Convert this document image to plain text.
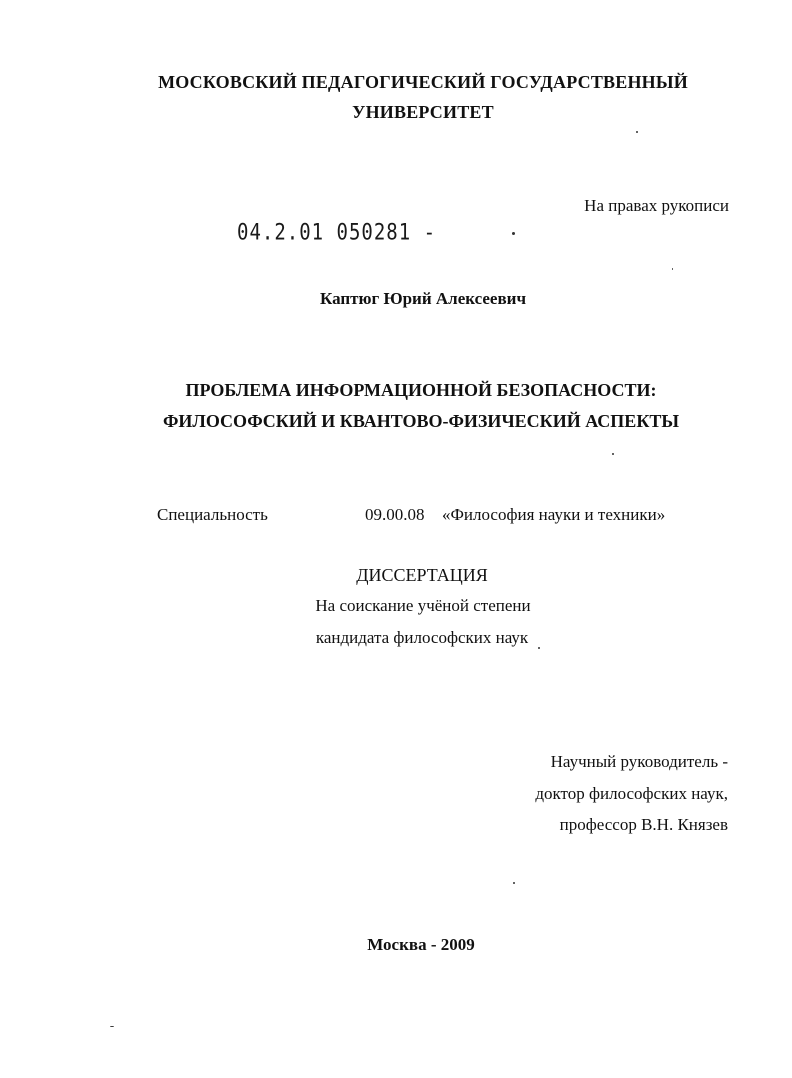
МОСКОВСКИЙ ПЕДАГОГИЧЕСКИЙ ГОСУДАРСТВЕННЫЙ
УНИВЕРСИТЕТ
На правах рукописи
04.2.01 050281 -
Каптюг Юрий Алексеевич
ПРОБЛЕМА ИНФОРМАЦИОННОЙ БЕЗОПАСНОСТИ:
ФИЛОСОФСКИЙ И КВАНТОВО-ФИЗИЧЕСКИЙ АСПЕКТЫ
Специальность	09.00.08 «Философия науки и техники»
ДИССЕРТАЦИЯ
На соискание учёной степени
кандидата философских наук
Научный руководитель -
доктор философских наук,
профессор В.Н. Князев
Москва - 2009
